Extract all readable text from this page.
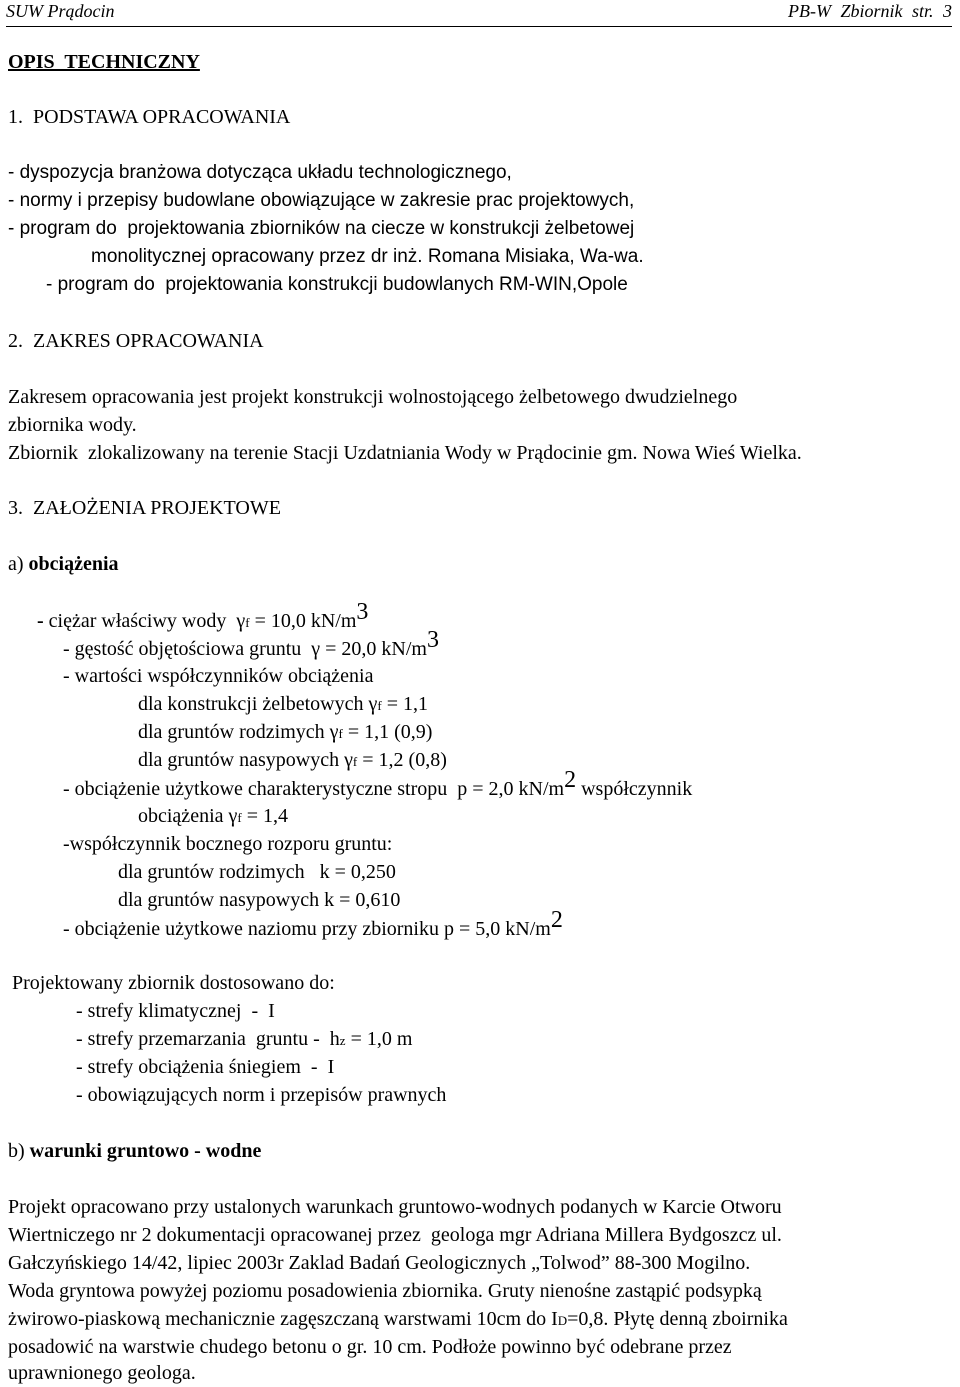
SUW Prądocin	PB-W Zbiornik str. 3
OPIS  TECHNICZNY
1.  PODSTAWA OPRACOWANIA
- dyspozycja branżowa dotycząca układu technologicznego,
- normy i przepisy budowlane obowiązujące w zakresie prac projektowych,
- program do  projektowania zbiorników na ciecze w konstrukcji żelbetowej
monolitycznej opracowany przez dr inż. Romana Misiaka, Wa-wa.
- program do  projektowania konstrukcji budowlanych RM-WIN,Opole
2.  ZAKRES OPRACOWANIA
Zakresem opracowania jest projekt konstrukcji wolnostojącego żelbetowego dwudzielnego
zbiornika wody.
Zbiornik  zlokalizowany na terenie Stacji Uzdatniania Wody w Prądocinie gm. Nowa Wieś Wielka.
3.  ZAŁOŻENIA PROJEKTOWE
a) obciążenia
- ciężar właściwy wody  γf = 10,0 kN/m3
- gęstość objętościowa gruntu  γ = 20,0 kN/m3
- wartości współczynników obciążenia
dla konstrukcji żelbetowych γf = 1,1
dla gruntów rodzimych γf = 1,1 (0,9)
dla gruntów nasypowych γf = 1,2 (0,8)
- obciążenie użytkowe charakterystyczne stropu  p = 2,0 kN/m2 współczynnik
obciążenia γf = 1,4
-współczynnik bocznego rozporu gruntu:
dla gruntów rodzimych   k = 0,250
dla gruntów nasypowych k = 0,610
- obciążenie użytkowe naziomu przy zbiorniku p = 5,0 kN/m2
Projektowany zbiornik dostosowano do:
- strefy klimatycznej  -  I
- strefy przemarzania  gruntu -  hz = 1,0 m
- strefy obciążenia śniegiem  -  I
- obowiązujących norm i przepisów prawnych
b) warunki gruntowo - wodne
Projekt opracowano przy ustalonych warunkach gruntowo-wodnych podanych w Karcie Otworu
Wiertniczego nr 2 dokumentacji opracowanej przez  geologa mgr Adriana Millera Bydgoszcz ul.
Gałczyńskiego 14/42, lipiec 2003r Zaklad Badań Geologicznych „Tolwod” 88-300 Mogilno.
Woda gryntowa powyżej poziomu posadowienia zbiornika. Gruty nienośne zastąpić podsypką
żwirowo-piaskową mechanicznie zagęszczaną warstwami 10cm do ID=0,8. Płytę denną zboirnika
posadowić na warstwie chudego betonu o gr. 10 cm. Podłoże powinno być odebrane przez
uprawnionego geologa.
